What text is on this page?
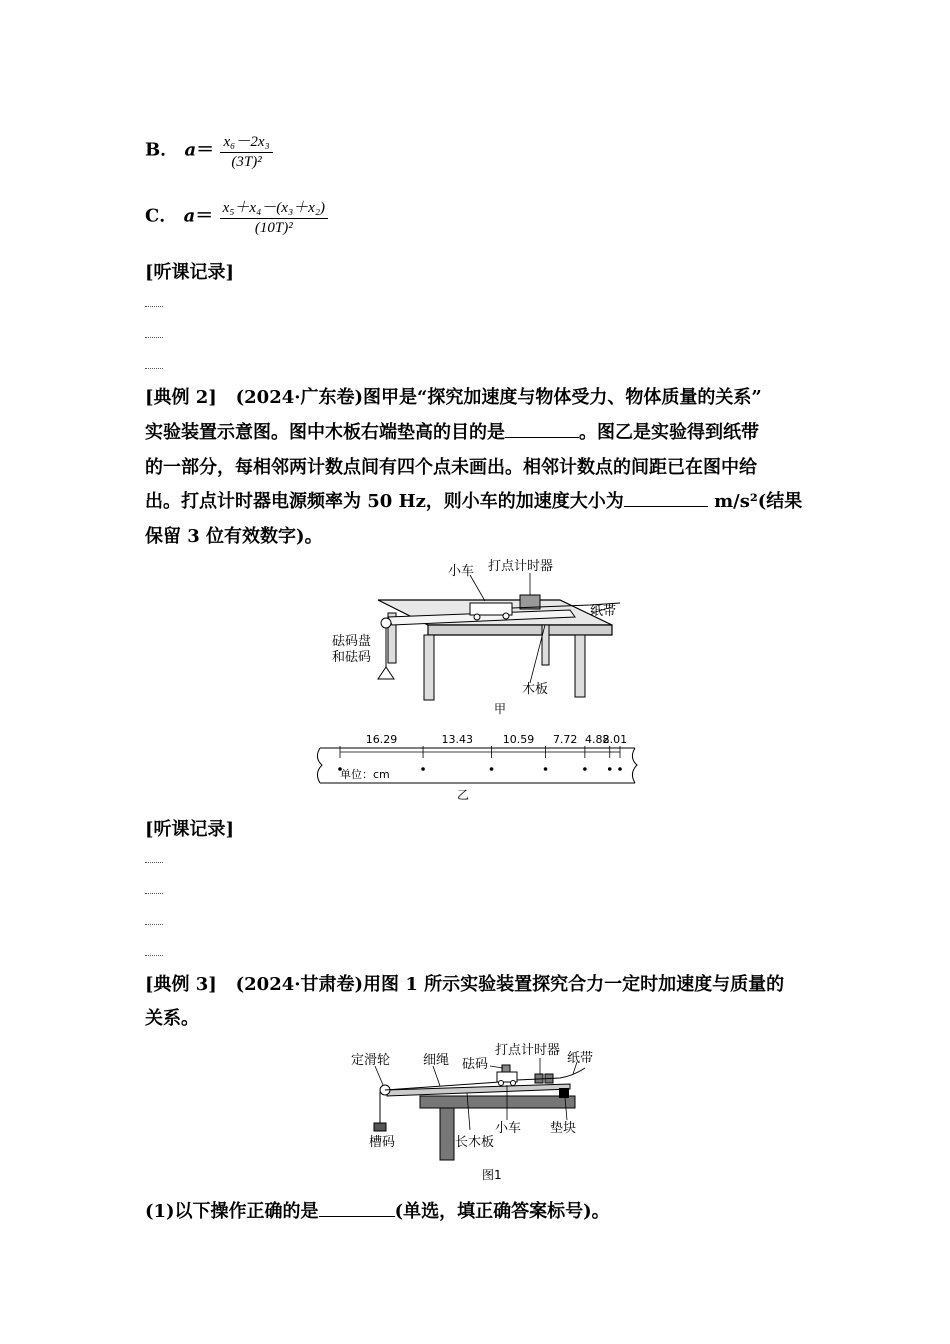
B． $a= \frac{\text{x₆－2x₃}}{\text{(3T)²}}$
C． $a= \frac{\text{x₅＋x₄－(x₃＋x₂)}}{\text{(10T)²}}$
[听课记录]
[典例 2] (2024·广东卷)图甲是“探究加速度与物体受力、物体质量的关系”
实验装置示意图。图中木板右端垫高的目的是	。图乙是实验得到纸带
的一部分，每相邻两计数点间有四个点未画出。相邻计数点的间距已在图中给
出。打点计时器电源频率为 50 Hz，则小车的加速度大小为	m/s²(结果
保留 3 位有效数字)。
小车 打点计时器
纸带
砝码盘
和砝码
木板
甲
16.29	13.43	10.59 7.72 4.88
2.01
单位：cm
乙
[听课记录]
[典例 3] (2024·甘肃卷)用图 1 所示实验装置探究合力一定时加速度与质量的
关系。
定滑轮	细绳 砝码
打点计时器
纸带
槽码	长木板
小车 垫块
图1
(1)以下操作正确的是	(单选，填正确答案标号)。
